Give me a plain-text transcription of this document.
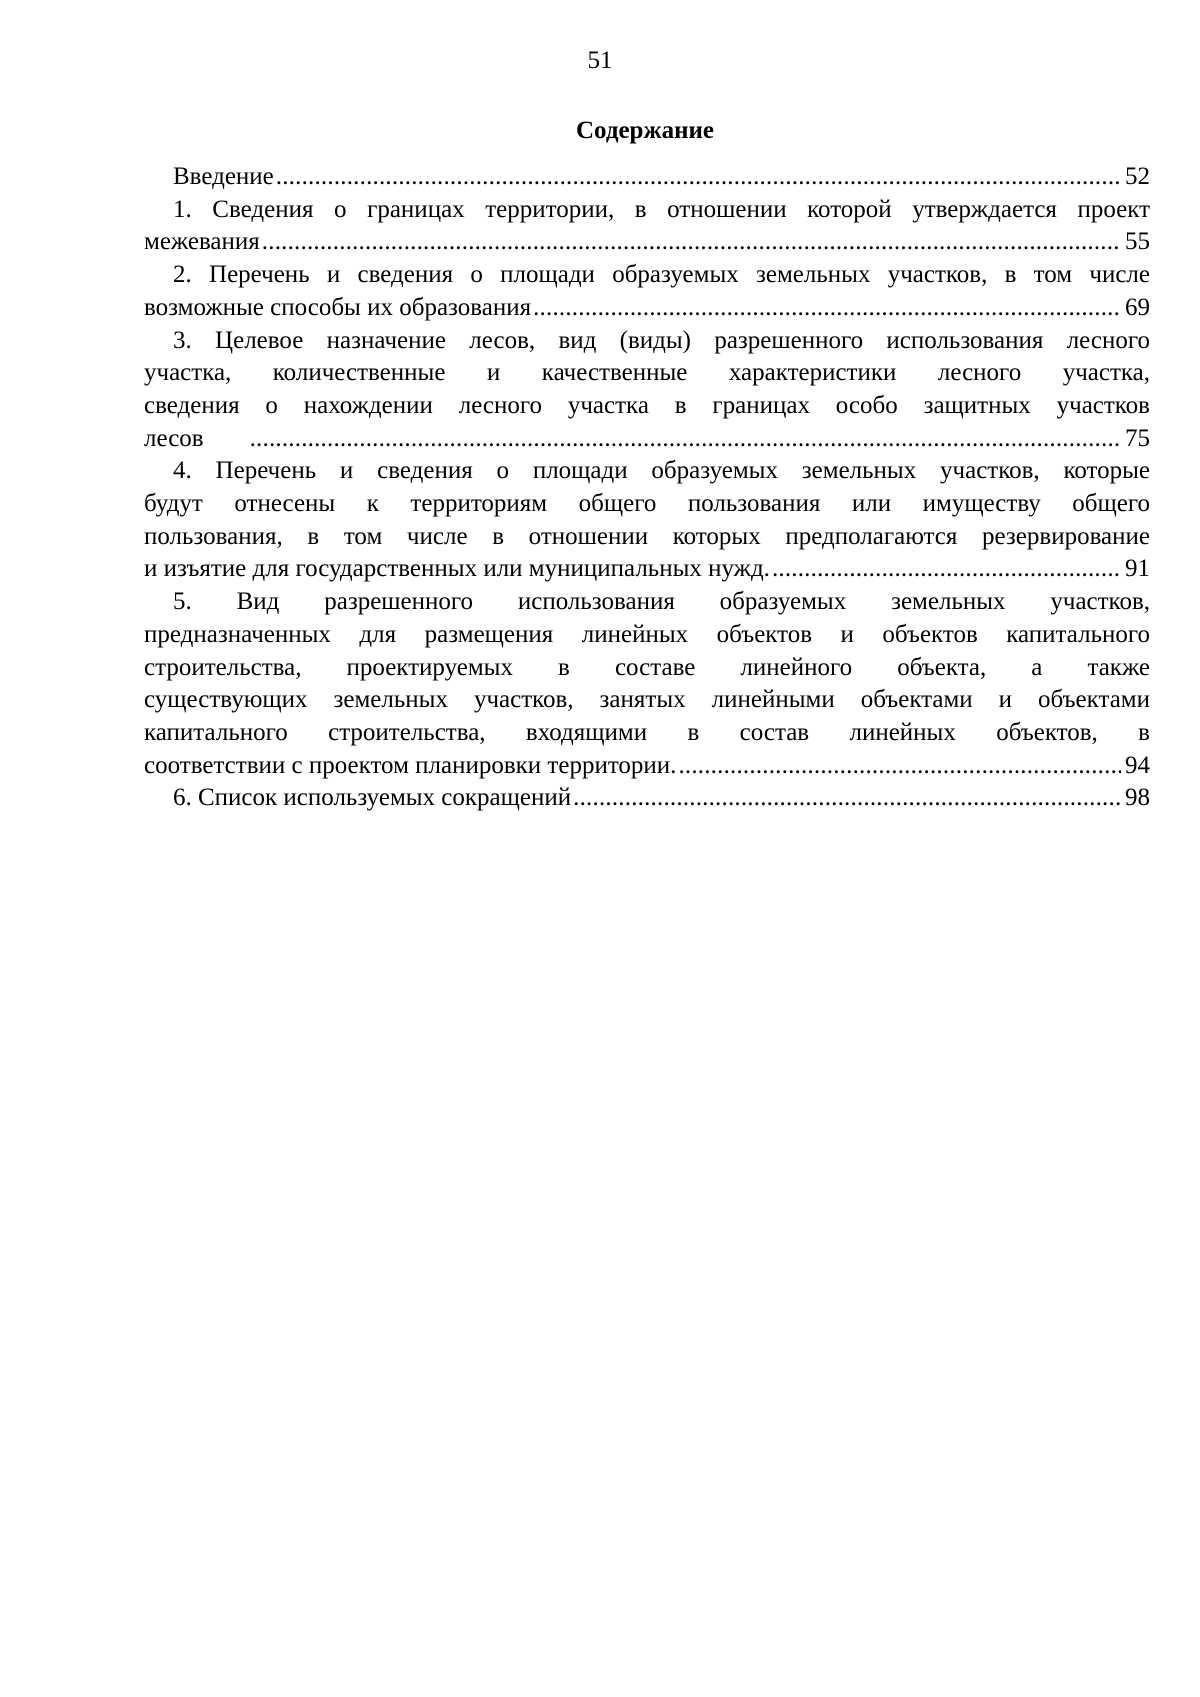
51
Содержание
Введение .....	52
1. Сведения о границах территории, в отношении которой утверждается проект
межевания .....	55
2. Перечень и сведения о площади образуемых земельных участков, в том числе
возможные способы их образования .....	69
3. Целевое назначение лесов, вид (виды) разрешенного использования лесного
участка, количественные и качественные характеристики лесного участка,
сведения о нахождении лесного участка в границах особо защитных участков
лесов .....	75
4. Перечень и сведения о площади образуемых земельных участков, которые
будут отнесены к территориям общего пользования или имуществу общего
пользования, в том числе в отношении которых предполагаются резервирование
и изъятие для государственных или муниципальных нужд. .....	91
5. Вид разрешенного использования образуемых земельных участков,
предназначенных для размещения линейных объектов и объектов капитального
строительства, проектируемых в составе линейного объекта, а также
существующих земельных участков, занятых линейными объектами и объектами
капитального строительства, входящими в состав линейных объектов, в
соответствии с проектом планировки территории. .....	94
6. Список используемых сокращений .....	98
